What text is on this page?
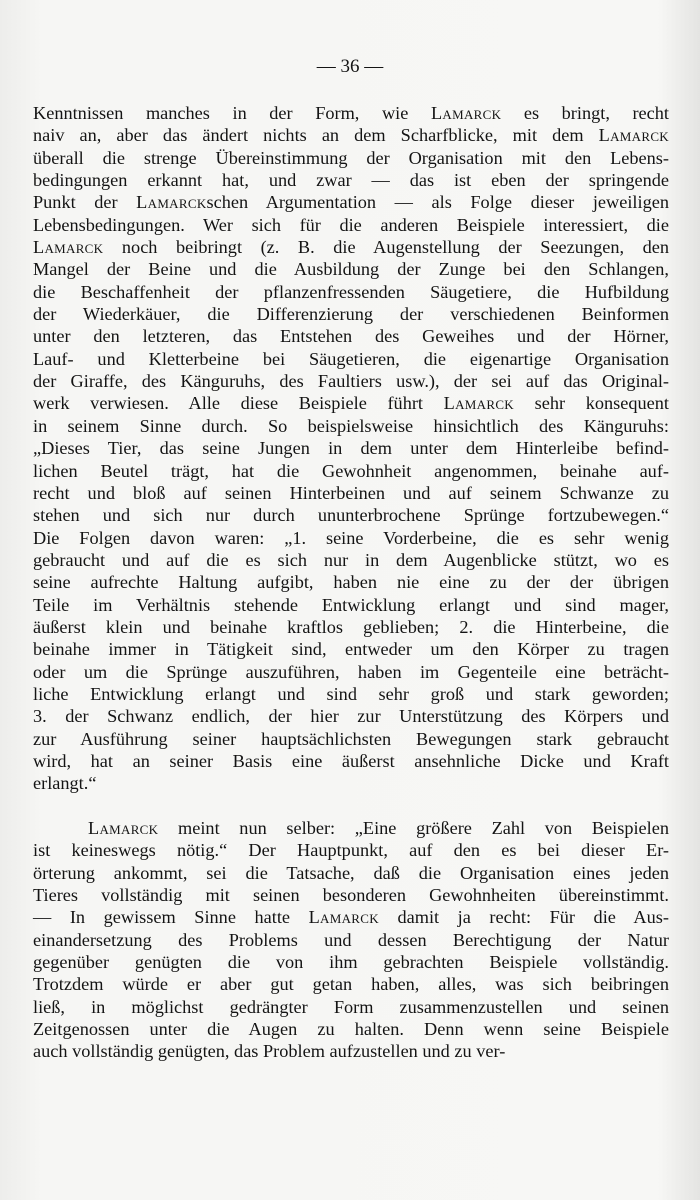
— 36 —
Kenntnissen manches in der Form, wie Lamarck es bringt, recht
naiv an, aber das ändert nichts an dem Scharfblicke, mit dem Lamarck
überall die strenge Übereinstimmung der Organisation mit den Lebens-
bedingungen erkannt hat, und zwar — das ist eben der springende
Punkt der Lamarckschen Argumentation — als Folge dieser jeweiligen
Lebensbedingungen. Wer sich für die anderen Beispiele interessiert, die
Lamarck noch beibringt (z. B. die Augenstellung der Seezungen, den
Mangel der Beine und die Ausbildung der Zunge bei den Schlangen,
die Beschaffenheit der pflanzenfressenden Säugetiere, die Hufbildung
der Wiederkäuer, die Differenzierung der verschiedenen Beinformen
unter den letzteren, das Entstehen des Geweihes und der Hörner,
Lauf- und Kletterbeine bei Säugetieren, die eigenartige Organisation
der Giraffe, des Känguruhs, des Faultiers usw.), der sei auf das Original-
werk verwiesen. Alle diese Beispiele führt Lamarck sehr konsequent
in seinem Sinne durch. So beispielsweise hinsichtlich des Känguruhs:
„Dieses Tier, das seine Jungen in dem unter dem Hinterleibe befind-
lichen Beutel trägt, hat die Gewohnheit angenommen, beinahe auf-
recht und bloß auf seinen Hinterbeinen und auf seinem Schwanze zu
stehen und sich nur durch ununterbrochene Sprünge fortzubewegen.“
Die Folgen davon waren: „1. seine Vorderbeine, die es sehr wenig
gebraucht und auf die es sich nur in dem Augenblicke stützt, wo es
seine aufrechte Haltung aufgibt, haben nie eine zu der der übrigen
Teile im Verhältnis stehende Entwicklung erlangt und sind mager,
äußerst klein und beinahe kraftlos geblieben; 2. die Hinterbeine, die
beinahe immer in Tätigkeit sind, entweder um den Körper zu tragen
oder um die Sprünge auszuführen, haben im Gegenteile eine beträcht-
liche Entwicklung erlangt und sind sehr groß und stark geworden;
3. der Schwanz endlich, der hier zur Unterstützung des Körpers und
zur Ausführung seiner hauptsächlichsten Bewegungen stark gebraucht
wird, hat an seiner Basis eine äußerst ansehnliche Dicke und Kraft
erlangt.“
Lamarck meint nun selber: „Eine größere Zahl von Beispielen
ist keineswegs nötig.“ Der Hauptpunkt, auf den es bei dieser Er-
örterung ankommt, sei die Tatsache, daß die Organisation eines jeden
Tieres vollständig mit seinen besonderen Gewohnheiten übereinstimmt.
— In gewissem Sinne hatte Lamarck damit ja recht: Für die Aus-
einandersetzung des Problems und dessen Berechtigung der Natur
gegenüber genügten die von ihm gebrachten Beispiele vollständig.
Trotzdem würde er aber gut getan haben, alles, was sich beibringen
ließ, in möglichst gedrängter Form zusammenzustellen und seinen
Zeitgenossen unter die Augen zu halten. Denn wenn seine Beispiele
auch vollständig genügten, das Problem aufzustellen und zu ver-
